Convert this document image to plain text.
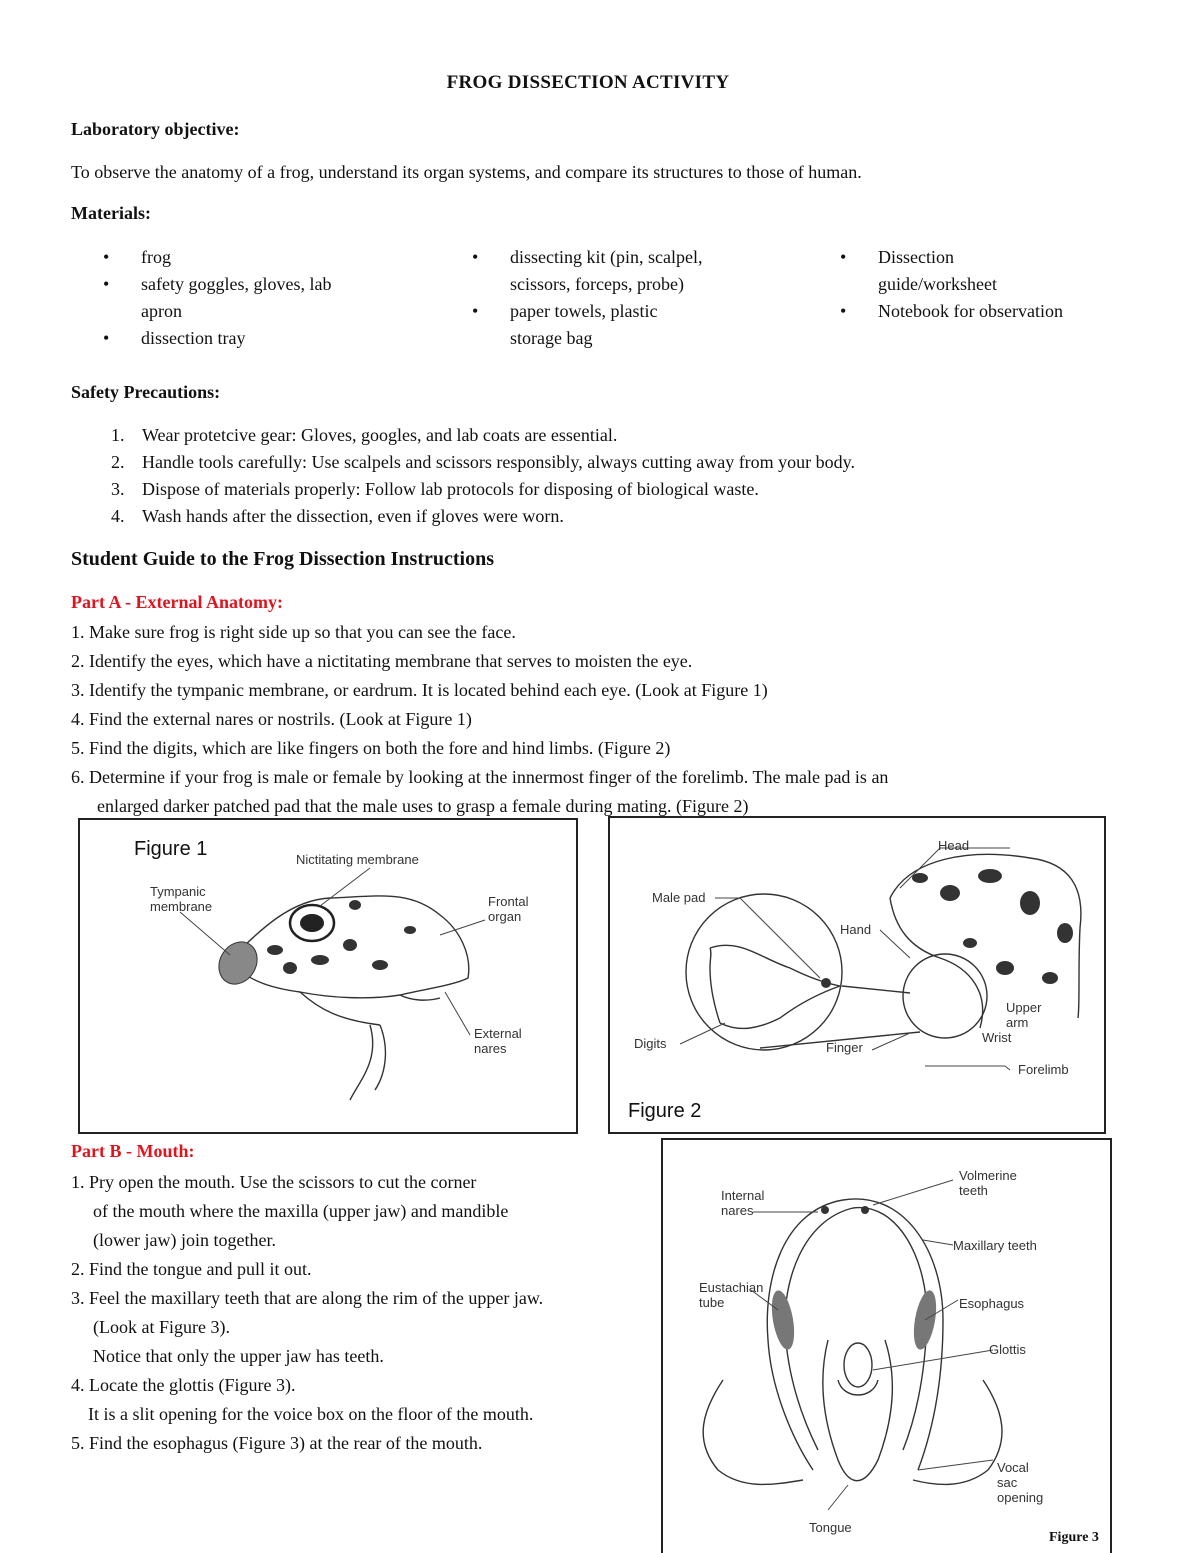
FROG DISSECTION ACTIVITY
Laboratory objective:
To observe the anatomy of a frog, understand its organ systems, and compare its structures to those of human.
Materials:
• frog
• safety goggles, gloves, lab apron
• dissection tray
• dissecting kit (pin, scalpel, scissors, forceps, probe)
• paper towels, plastic storage bag
• Dissection guide/worksheet
• Notebook for observation
Safety Precautions:
1. Wear protetcive gear: Gloves, googles, and lab coats are essential.
2. Handle tools carefully: Use scalpels and scissors responsibly, always cutting away from your body.
3. Dispose of materials properly: Follow lab protocols for disposing of biological waste.
4. Wash hands after the dissection, even if gloves were worn.
Student Guide to the Frog Dissection Instructions
Part A - External Anatomy:
1. Make sure frog is right side up so that you can see the face.
2. Identify the eyes, which have a nictitating membrane that serves to moisten the eye.
3. Identify the tympanic membrane, or eardrum. It is located behind each eye. (Look at Figure 1)
4. Find the external nares or nostrils. (Look at Figure 1)
5. Find the digits, which are like fingers on both the fore and hind limbs. (Figure 2)
6. Determine if your frog is male or female by looking at the innermost finger of the forelimb. The male pad is an
enlarged darker patched pad that the male uses to grasp a female during mating. (Figure 2)
Figure 1	Nictitating membrane
Tympanic membrane	Frontal organ
External nares
Head
Male pad
Hand
Upper arm
Wrist
Digits	Finger
Forelimb
Figure 2
Part B - Mouth:
1. Pry open the mouth. Use the scissors to cut the corner
of the mouth where the maxilla (upper jaw) and mandible
(lower jaw) join together.
2. Find the tongue and pull it out.
3. Feel the maxillary teeth that are along the rim of the upper jaw.
(Look at Figure 3).
Notice that only the upper jaw has teeth.
4. Locate the glottis (Figure 3).
It is a slit opening for the voice box on the floor of the mouth.
5. Find the esophagus (Figure 3) at the rear of the mouth.
Internal nares
Volmerine teeth
Maxillary teeth
Eustachian tube	Esophagus
Glottis
Vocal sac opening
Tongue
Figure 3
